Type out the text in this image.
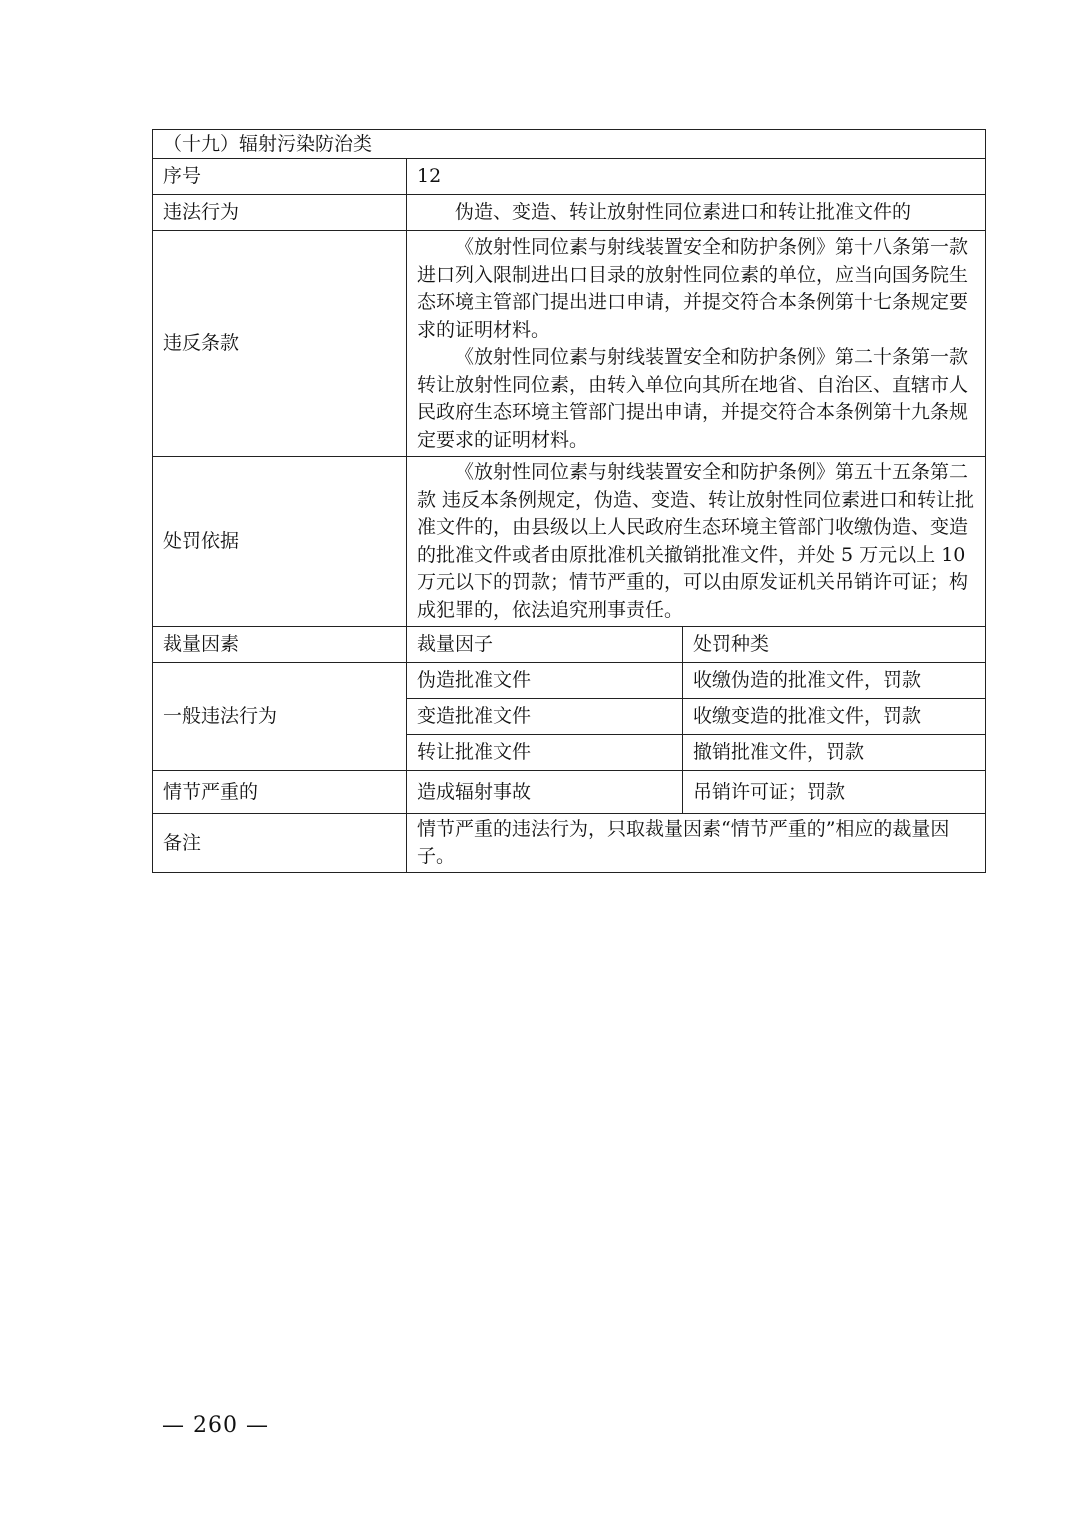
（十九）辐射污染防治类		
序号	12	
违法行为	伪造、变造、转让放射性同位素进口和转让批准文件的	
违反条款	《放射性同位素与射线装置安全和防护条例》第十八条第一款 进口列入限制进出口目录的放射性同位素的单位，应当向国务院生态环境主管部门提出进口申请，并提交符合本条例第十七条规定要求的证明材料。

《放射性同位素与射线装置安全和防护条例》第二十条第一款 转让放射性同位素，由转入单位向其所在地省、自治区、直辖市人民政府生态环境主管部门提出申请，并提交符合本条例第十九条规定要求的证明材料。	

处罚依据	《放射性同位素与射线装置安全和防护条例》第五十五条第二款 违反本条例规定，伪造、变造、转让放射性同位素进口和转让批准文件的，由县级以上人民政府生态环境主管部门收缴伪造、变造的批准文件或者由原批准机关撤销批准文件，并处 5 万元以上 10 万元以下的罚款；情节严重的，可以由原发证机关吊销许可证；构成犯罪的，依法追究刑事责任。	

裁量因素	裁量因子	处罚种类
一般违法行为	伪造批准文件	收缴伪造的批准文件，罚款
	变造批准文件	收缴变造的批准文件，罚款
	转让批准文件	撤销批准文件，罚款
情节严重的	造成辐射事故	吊销许可证；罚款
备注	情节严重的违法行为，只取裁量因素“情节严重的”相应的裁量因子。	
— 260 —
